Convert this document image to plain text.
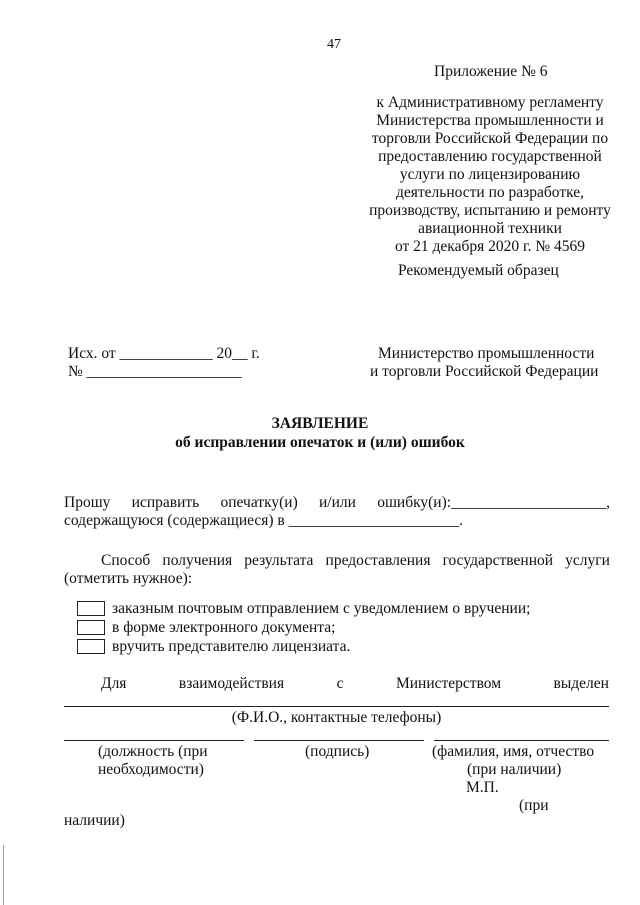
47
Приложение № 6
к Административному регламенту
Министерства промышленности и
торговли Российской Федерации по
предоставлению государственной
услуги по лицензированию
деятельности по разработке,
производству, испытанию и ремонту
авиационной техники
от 21 декабря 2020 г. № 4569
Рекомендуемый образец
Исх. от ____________ 20__ г.
№ ____________________
Министерство промышленности
и торговли Российской Федерации
ЗАЯВЛЕНИЕ
об исправлении опечаток и (или) ошибок
Прошу исправить опечатку(и) и/или ошибку(и):____________________,
содержащуюся (содержащиеся) в ______________________.
Способ получения результата предоставления государственной услуги
(отметить нужное):
заказным почтовым отправлением с уведомлением о вручении;
в форме электронного документа;
вручить представителю лицензиата.
Для	взаимодействия	с	Министерством	выделен
(Ф.И.О., контактные телефоны)
(должность (при
необходимости)
(подпись)	(фамилия, имя, отчество
(при наличии)
М.П.
(при
наличии)
